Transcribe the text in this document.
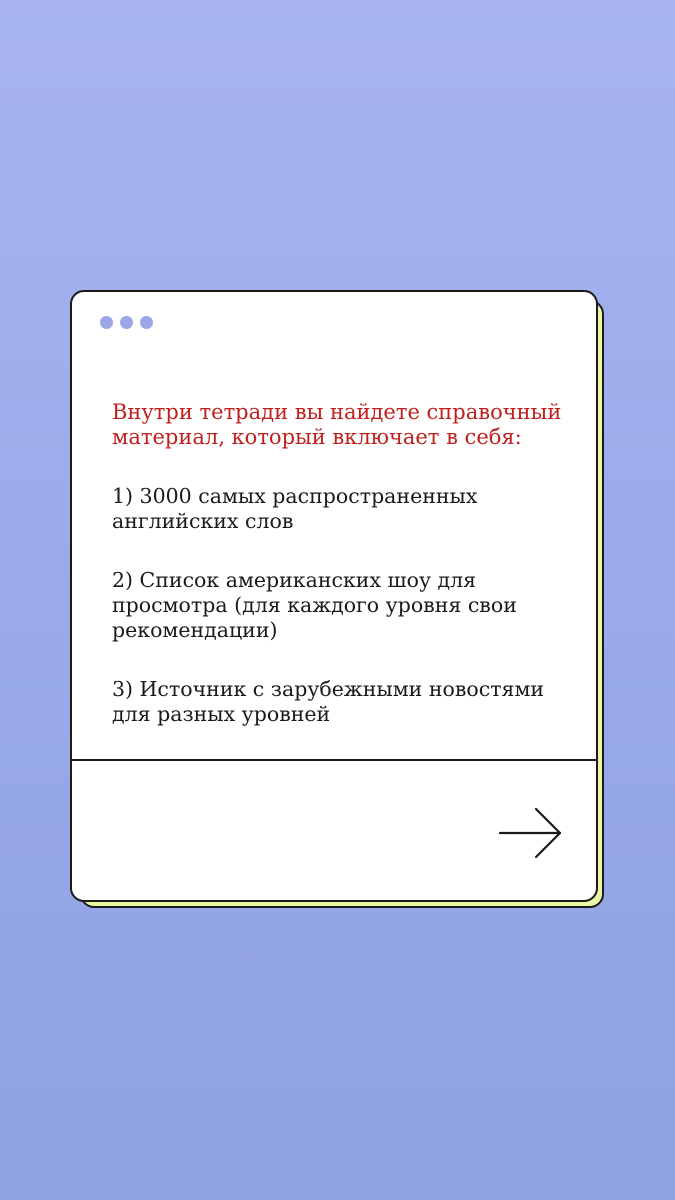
Внутри тетради вы найдете справочный материал, который включает в себя:

1) 3000 самых распространенных английских слов

2) Список американских шоу для просмотра (для каждого уровня свои рекомендации)

3) Источник с зарубежными новостями для разных уровней
